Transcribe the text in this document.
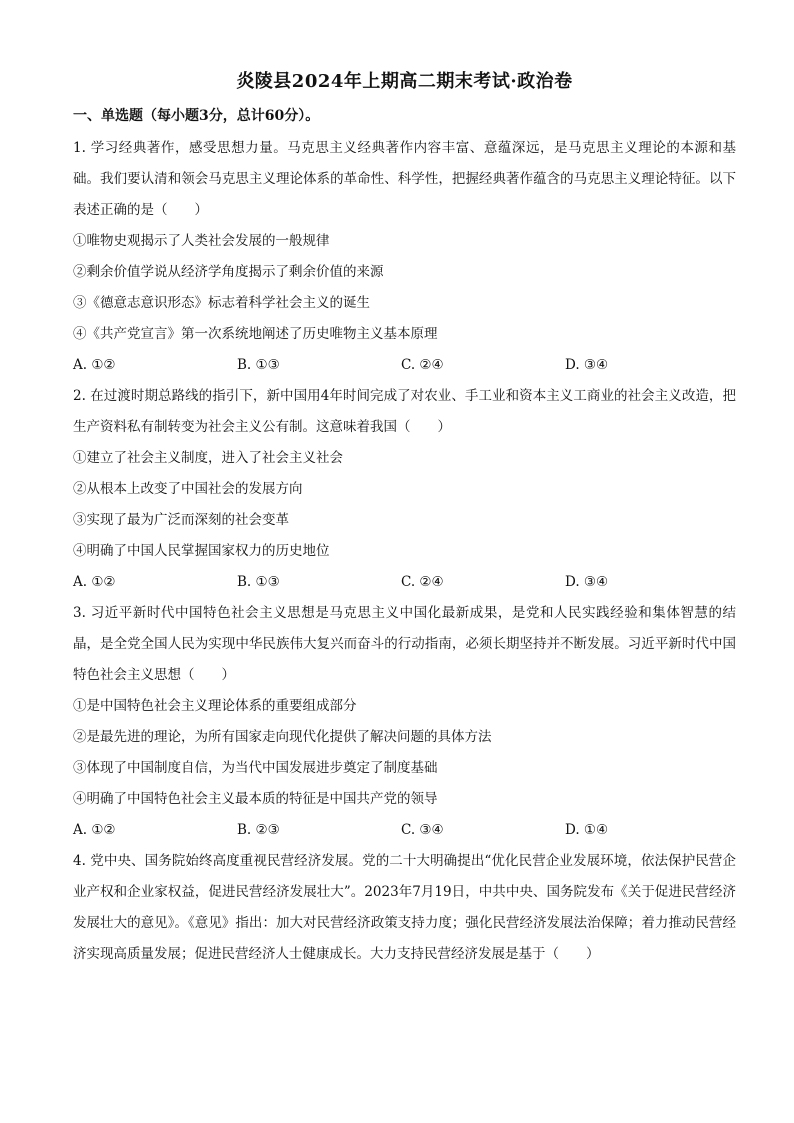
炎陵县2024年上期高二期末考试·政治卷
一、单选题（每小题3分，总计60分）。
1. 学习经典著作，感受思想力量。马克思主义经典著作内容丰富、意蕴深远，是马克思主义理论的本源和基础。我们要认清和领会马克思主义理论体系的革命性、科学性，把握经典著作蕴含的马克思主义理论特征。以下表述正确的是（　　）
①唯物史观揭示了人类社会发展的一般规律
②剩余价值学说从经济学角度揭示了剩余价值的来源
③《德意志意识形态》标志着科学社会主义的诞生
④《共产党宣言》第一次系统地阐述了历史唯物主义基本原理
A. ①②	B. ①③	C. ②④	D. ③④
2. 在过渡时期总路线的指引下，新中国用4年时间完成了对农业、手工业和资本主义工商业的社会主义改造，把生产资料私有制转变为社会主义公有制。这意味着我国（　　）
①建立了社会主义制度，进入了社会主义社会
②从根本上改变了中国社会的发展方向
③实现了最为广泛而深刻的社会变革
④明确了中国人民掌握国家权力的历史地位
A. ①②	B. ①③	C. ②④	D. ③④
3. 习近平新时代中国特色社会主义思想是马克思主义中国化最新成果，是党和人民实践经验和集体智慧的结晶，是全党全国人民为实现中华民族伟大复兴而奋斗的行动指南，必须长期坚持并不断发展。习近平新时代中国特色社会主义思想（　　）
①是中国特色社会主义理论体系的重要组成部分
②是最先进的理论，为所有国家走向现代化提供了解决问题的具体方法
③体现了中国制度自信，为当代中国发展进步奠定了制度基础
④明确了中国特色社会主义最本质的特征是中国共产党的领导
A. ①②	B. ②③	C. ③④	D. ①④
4. 党中央、国务院始终高度重视民营经济发展。党的二十大明确提出“优化民营企业发展环境，依法保护民营企业产权和企业家权益，促进民营经济发展壮大”。2023年7月19日，中共中央、国务院发布《关于促进民营经济发展壮大的意见》。《意见》指出：加大对民营经济政策支持力度；强化民营经济发展法治保障；着力推动民营经济实现高质量发展；促进民营经济人士健康成长。大力支持民营经济发展是基于（　　）
